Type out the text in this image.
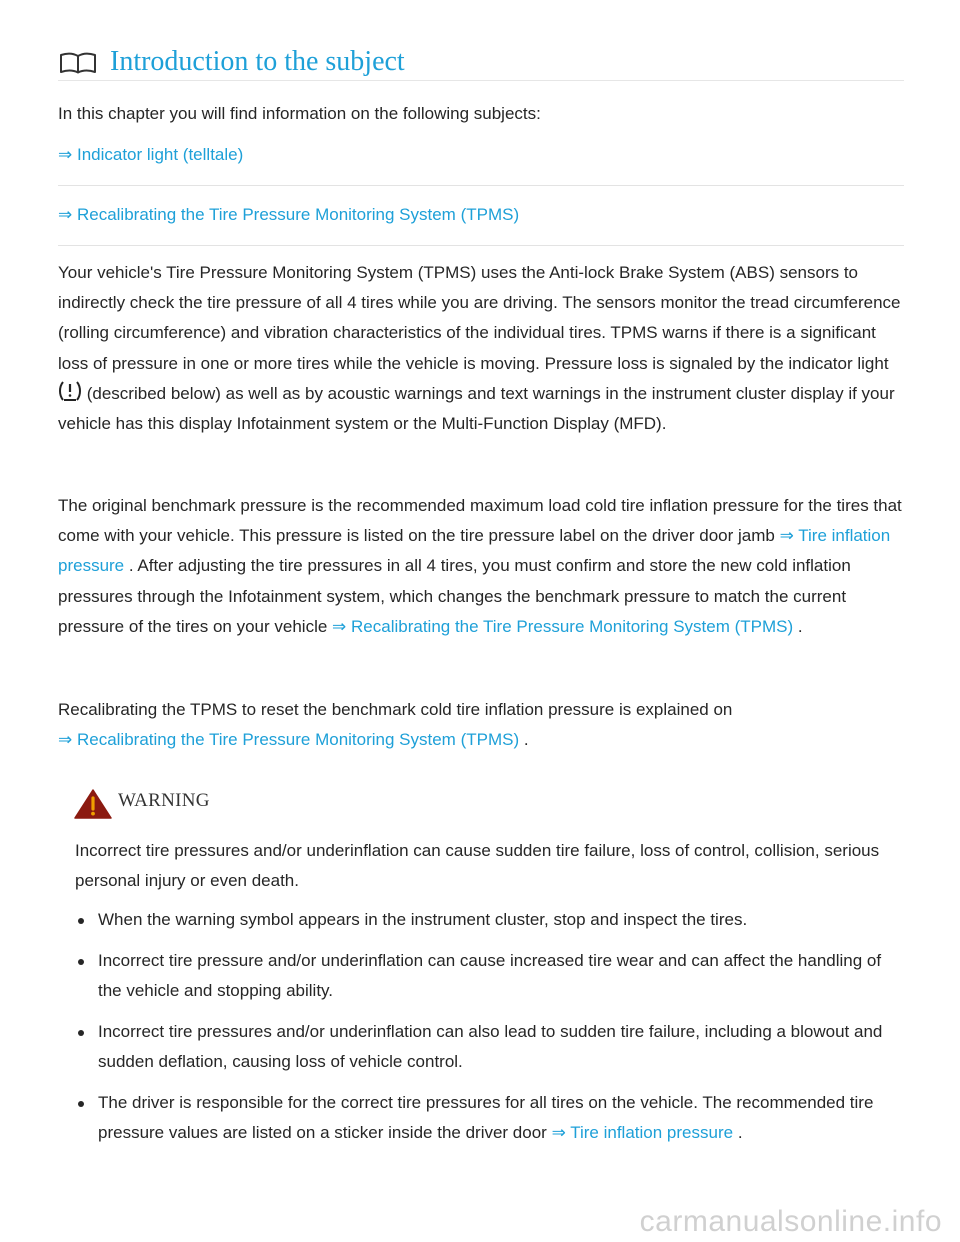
Introduction to the subject
In this chapter you will find information on the following subjects:
⇒ Indicator light (telltale)
⇒ Recalibrating the Tire Pressure Monitoring System (TPMS)

Your vehicle's Tire Pressure Monitoring System (TPMS) uses the Anti-lock Brake System (ABS) sensors to indirectly check the tire pressure of all 4 tires while you are driving. The sensors monitor the tread circumference (rolling circumference) and vibration characteristics of the individual tires. TPMS warns if there is a significant loss of pressure in one or more tires while the vehicle is moving. Pressure loss is signaled by the indicator light  (described below) as well as by acoustic warnings and text warnings in the instrument cluster display if your vehicle has this display Infotainment system or the Multi-Function Display (MFD).

The original benchmark pressure is the recommended maximum load cold tire inflation pressure for the tires that come with your vehicle. This pressure is listed on the tire pressure label on the driver door jamb ⇒ Tire inflation pressure . After adjusting the tire pressures in all 4 tires, you must confirm and store the new cold inflation pressures through the Infotainment system, which changes the benchmark pressure to match the current pressure of the tires on your vehicle ⇒ Recalibrating the Tire Pressure Monitoring System (TPMS) .

Recalibrating the TPMS to reset the benchmark cold tire inflation pressure is explained on
⇒ Recalibrating the Tire Pressure Monitoring System (TPMS) .

WARNING

Incorrect tire pressures and/or underinflation can cause sudden tire failure, loss of control, collision, serious personal injury or even death.

When the warning symbol appears in the instrument cluster, stop and inspect the tires.
Incorrect tire pressure and/or underinflation can cause increased tire wear and can affect the handling of the vehicle and stopping ability.
Incorrect tire pressures and/or underinflation can also lead to sudden tire failure, including a blowout and sudden deflation, causing loss of vehicle control.
The driver is responsible for the correct tire pressures for all tires on the vehicle. The recommended tire pressure values are listed on a sticker inside the driver door ⇒ Tire inflation pressure .
carmanualsonline.info
